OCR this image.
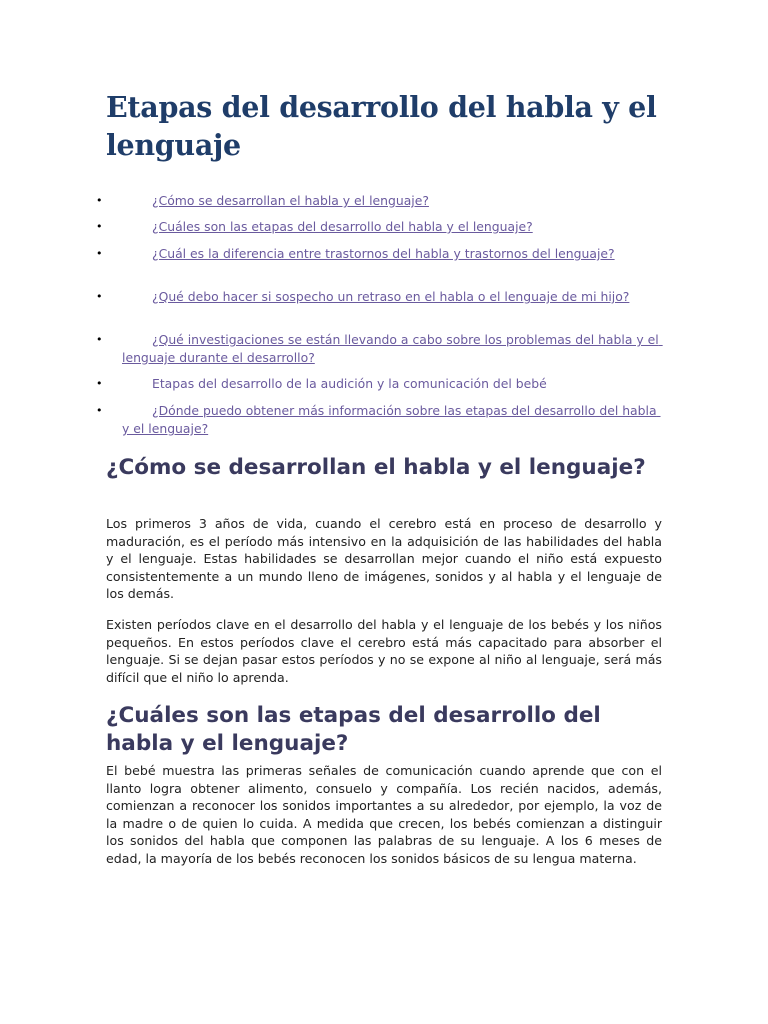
Etapas del desarrollo del habla y el lenguaje
•	¿Cómo se desarrollan el habla y el lenguaje?
•	¿Cuáles son las etapas del desarrollo del habla y el lenguaje?
•	¿Cuál es la diferencia entre trastornos del habla y trastornos del lenguaje?
•	¿Qué debo hacer si sospecho un retraso en el habla o el lenguaje de mi hijo?
•	¿Qué investigaciones se están llevando a cabo sobre los problemas del habla y el lenguaje durante el desarrollo?
•	Etapas del desarrollo de la audición y la comunicación del bebé
•	¿Dónde puedo obtener más información sobre las etapas del desarrollo del habla y el lenguaje?
¿Cómo se desarrollan el habla y el lenguaje?

Los primeros 3 años de vida, cuando el cerebro está en proceso de desarrollo y maduración, es el período más intensivo en la adquisición de las habilidades del habla y el lenguaje. Estas habilidades se desarrollan mejor cuando el niño está expuesto consistentemente a un mundo lleno de imágenes, sonidos y al habla y el lenguaje de los demás.

Existen períodos clave en el desarrollo del habla y el lenguaje de los bebés y los niños pequeños. En estos períodos clave el cerebro está más capacitado para absorber el lenguaje. Si se dejan pasar estos períodos y no se expone al niño al lenguaje, será más difícil que el niño lo aprenda.

¿Cuáles son las etapas del desarrollo del habla y el lenguaje?

El bebé muestra las primeras señales de comunicación cuando aprende que con el llanto logra obtener alimento, consuelo y compañía. Los recién nacidos, además, comienzan a reconocer los sonidos importantes a su alrededor, por ejemplo, la voz de la madre o de quien lo cuida. A medida que crecen, los bebés comienzan a distinguir los sonidos del habla que componen las palabras de su lenguaje. A los 6 meses de edad, la mayoría de los bebés reconocen los sonidos básicos de su lengua materna.
